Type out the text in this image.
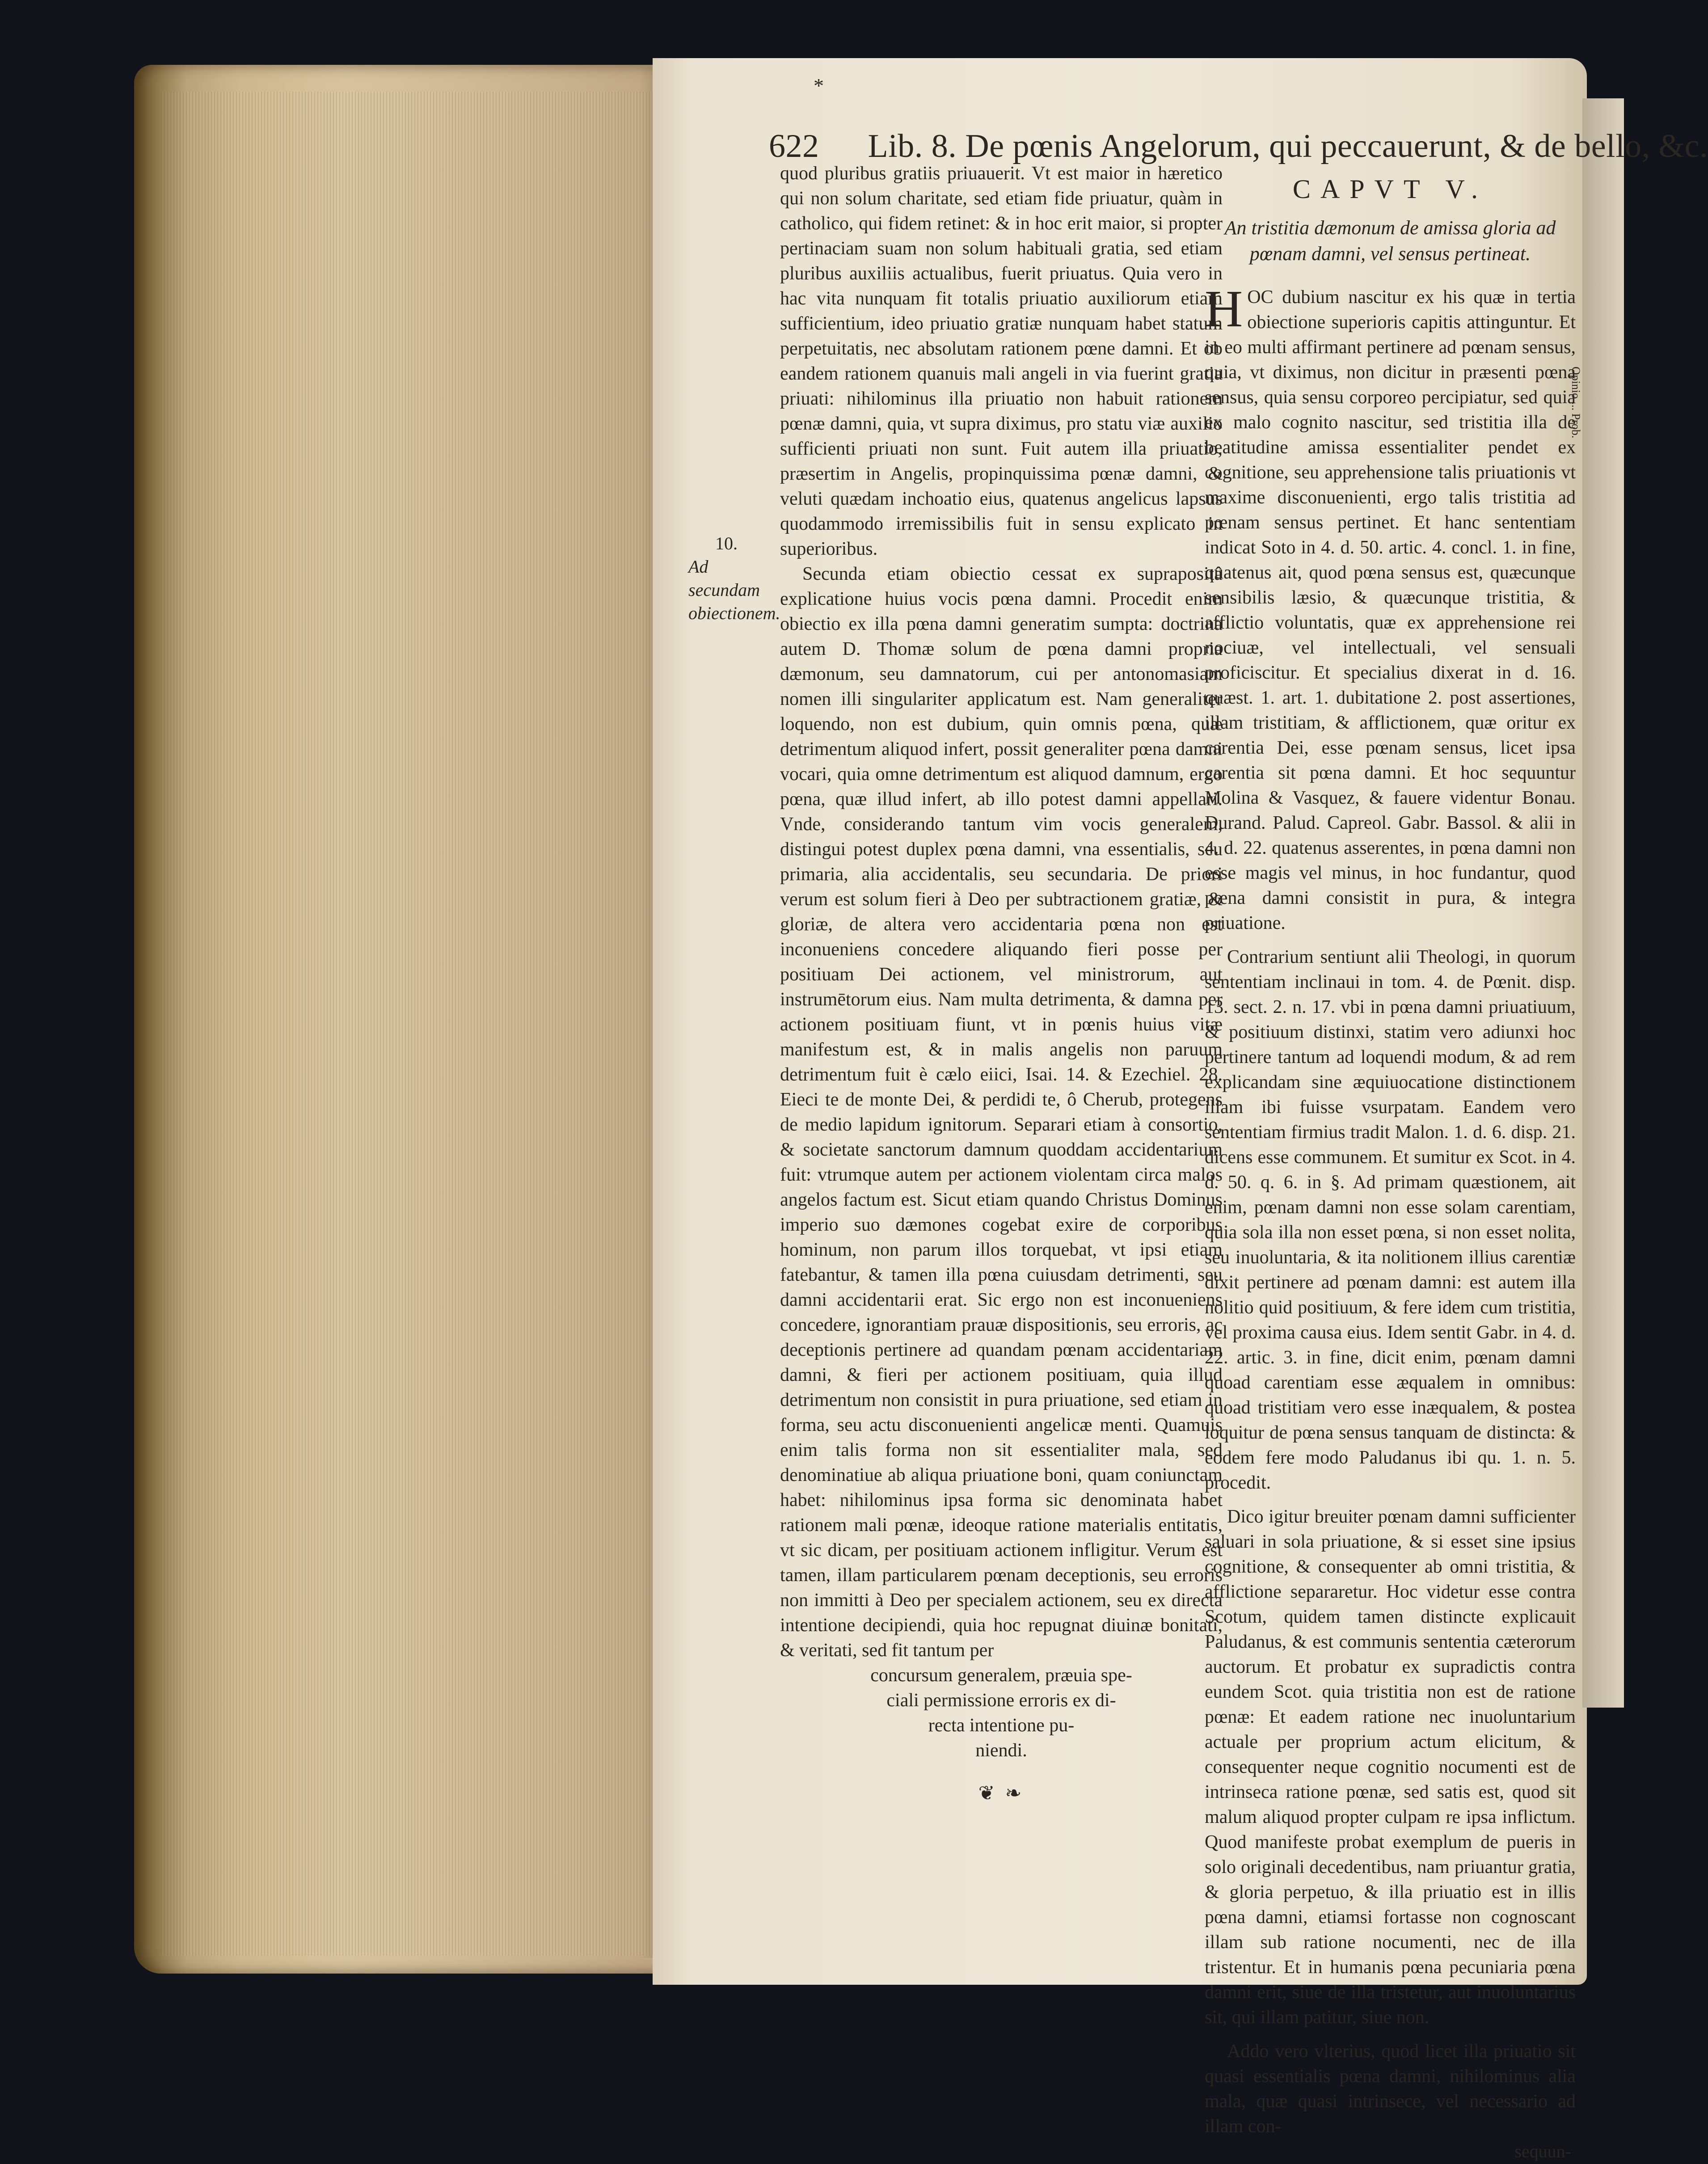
*
622 Lib. 8. De pœnis Angelorum, qui peccauerunt, & de bello, &c.
10.
Ad secundam obiectionem.

quod pluribus gratiis priuauerit. Vt est maior in hæretico qui non solum charitate, sed etiam fide priuatur, quàm in catholico, qui fidem retinet: & in hoc erit maior, si propter pertinaciam suam non solum habituali gratia, sed etiam pluribus auxiliis actualibus, fuerit priuatus. Quia vero in hac vita nunquam fit totalis priuatio auxiliorum etiam sufficientium, ideo priuatio gratiæ nunquam habet statum perpetuitatis, nec absolutam rationem pœne damni. Et ob eandem rationem quanuis mali angeli in via fuerint gratia priuati: nihilominus illa priuatio non habuit rationem pœnæ damni, quia, vt supra diximus, pro statu viæ auxilio sufficienti priuati non sunt. Fuit autem illa priuatio, præsertim in Angelis, propinquissima pœnæ damni, & veluti quædam inchoatio eius, quatenus angelicus lapsus quodammodo irremissibilis fuit in sensu explicato in superioribus.

Secunda etiam obiectio cessat ex suprapositâ explicatione huius vocis pœna damni. Procedit enim obiectio ex illa pœna damni generatim sumpta: doctrina autem D. Thomæ solum de pœna damni propria dæmonum, seu damnatorum, cui per antonomasiam nomen illi singulariter applicatum est. Nam generaliter loquendo, non est dubium, quin omnis pœna, quæ detrimentum aliquod infert, possit generaliter pœna damni vocari, quia omne detrimentum est aliquod damnum, ergo pœna, quæ illud infert, ab illo potest damni appellari. Vnde, considerando tantum vim vocis generalem, distingui potest duplex pœna damni, vna essentialis, seu primaria, alia accidentalis, seu secundaria. De priori verum est solum fieri à Deo per subtractionem gratiæ, & gloriæ, de altera vero accidentaria pœna non est inconueniens concedere aliquando fieri posse per positiuam Dei actionem, vel ministrorum, aut instrumētorum eius. Nam multa detrimenta, & damna per actionem positiuam fiunt, vt in pœnis huius vitæ manifestum est, & in malis angelis non paruum detrimentum fuit è cælo eiici, Isai. 14. & Ezechiel. 28. Eieci te de monte Dei, & perdidi te, ô Cherub, protegens de medio lapidum ignitorum. Separari etiam à consortio, & societate sanctorum damnum quoddam accidentarium fuit: vtrumque autem per actionem violentam circa malos angelos factum est. Sicut etiam quando Christus Dominus imperio suo dæmones cogebat exire de corporibus hominum, non parum illos torquebat, vt ipsi etiam fatebantur, & tamen illa pœna cuiusdam detrimenti, seu damni accidentarii erat. Sic ergo non est inconueniens concedere, ignorantiam prauæ dispositionis, seu erroris, ac deceptionis pertinere ad quandam pœnam accidentariam damni, & fieri per actionem positiuam, quia illud detrimentum non consistit in pura priuatione, sed etiam in forma, seu actu disconuenienti angelicæ menti. Quamuis enim talis forma non sit essentialiter mala, sed denominatiue ab aliqua priuatione boni, quam coniunctam habet: nihilominus ipsa forma sic denominata habet rationem mali pœnæ, ideoque ratione materialis entitatis, vt sic dicam, per positiuam actionem infligitur. Verum est tamen, illam particularem pœnam deceptionis, seu erroris non immitti à Deo per specialem actionem, seu ex directa intentione decipiendi, quia hoc repugnat diuinæ bonitati, & veritati, sed fit tantum per

concursum generalem, præuia spe-
ciali permissione erroris ex di-
recta intentione pu-
niendi.
❦ ❧
CAPVT V.
An tristitia dæmonum de amissa gloria ad pœnam damni, vel sensus pertineat.

H OC dubium nascitur ex his quæ in tertia obiectione superioris capitis attinguntur. Et in eo multi affirmant pertinere ad pœnam sensus, quia, vt diximus, non dicitur in præsenti pœna sensus, quia sensu corporeo percipiatur, sed quia ex malo cognito nascitur, sed tristitia illa de beatitudine amissa essentialiter pendet ex cognitione, seu apprehensione talis priuationis vt maxime disconuenienti, ergo talis tristitia ad pœnam sensus pertinet. Et hanc sententiam indicat Soto in 4. d. 50. artic. 4. concl. 1. in fine, quatenus ait, quod pœna sensus est, quæcunque sensibilis læsio, & quæcunque tristitia, & afflictio voluntatis, quæ ex apprehensione rei nociuæ, vel intellectuali, vel sensuali proficiscitur. Et specialius dixerat in d. 16. quæst. 1. art. 1. dubitatione 2. post assertiones, illam tristitiam, & afflictionem, quæ oritur ex carentia Dei, esse pœnam sensus, licet ipsa carentia sit pœna damni. Et hoc sequuntur Molina & Vasquez, & fauere videntur Bonau. Durand. Palud. Capreol. Gabr. Bassol. & alii in 4. d. 22. quatenus asserentes, in pœna damni non esse magis vel minus, in hoc fundantur, quod pœna damni consistit in pura, & integra priuatione.

Contrarium sentiunt alii Theologi, in quorum sententiam inclinaui in tom. 4. de Pœnit. disp. 13. sect. 2. n. 17. vbi in pœna damni priuatiuum, & positiuum distinxi, statim vero adiunxi hoc pertinere tantum ad loquendi modum, & ad rem explicandam sine æquiuocatione distinctionem illam ibi fuisse vsurpatam. Eandem vero sententiam firmius tradit Malon. 1. d. 6. disp. 21. dicens esse communem. Et sumitur ex Scot. in 4. d. 50. q. 6. in §. Ad primam quæstionem, ait enim, pœnam damni non esse solam carentiam, quia sola illa non esset pœna, si non esset nolita, seu inuoluntaria, & ita nolitionem illius carentiæ dixit pertinere ad pœnam damni: est autem illa nolitio quid positiuum, & fere idem cum tristitia, vel proxima causa eius. Idem sentit Gabr. in 4. d. 22. artic. 3. in fine, dicit enim, pœnam damni quoad carentiam esse æqualem in omnibus: quoad tristitiam vero esse inæqualem, & postea loquitur de pœna sensus tanquam de distincta: & eodem fere modo Paludanus ibi qu. 1. n. 5. procedit.

Dico igitur breuiter pœnam damni sufficienter saluari in sola priuatione, & si esset sine ipsius cognitione, & consequenter ab omni tristitia, & afflictione separaretur. Hoc videtur esse contra Scotum, quidem tamen distincte explicauit Paludanus, & est communis sententia cæterorum auctorum. Et probatur ex supradictis contra eundem Scot. quia tristitia non est de ratione pœnæ: Et eadem ratione nec inuoluntarium actuale per proprium actum elicitum, & consequenter neque cognitio nocumenti est de intrinseca ratione pœnæ, sed satis est, quod sit malum aliquod propter culpam re ipsa inflictum. Quod manifeste probat exemplum de pueris in solo originali decedentibus, nam priuantur gratia, & gloria perpetuo, & illa priuatio est in illis pœna damni, etiamsi fortasse non cognoscant illam sub ratione nocumenti, nec de illa tristentur. Et in humanis pœna pecuniaria pœna damni erit, siue de illa tristetur, aut inuoluntarius sit, qui illam patitur, siue non.

Addo vero vlterius, quod licet illa priuatio sit quasi essentialis pœna damni, nihilominus alia mala, quæ quasi intrinsece, vel necessario ad illam con-

sequun-
Opinio ... Prob.
